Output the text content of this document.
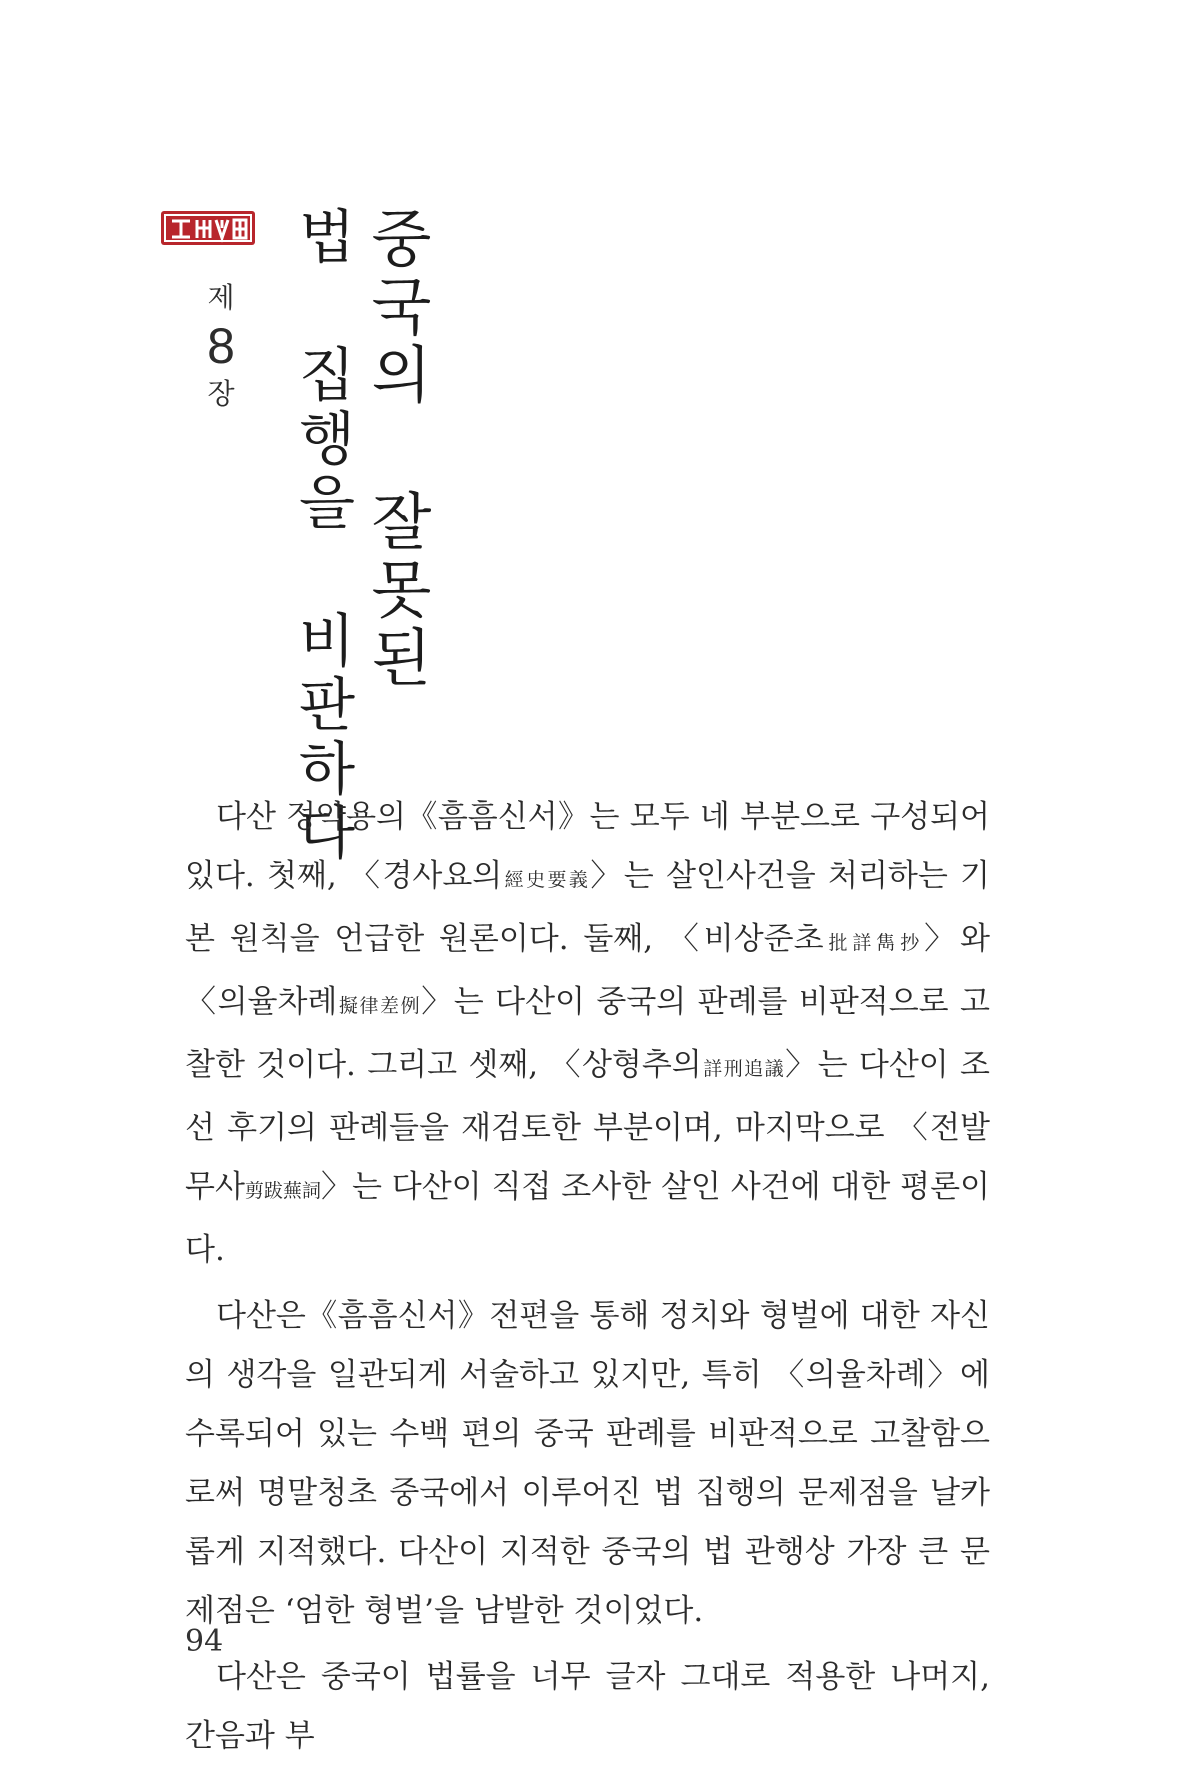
제
8
장 중국의 잘못된
법 집행을 비판하다

다산 정약용의《흠흠신서》는 모두 네 부분으로 구성되어 있다. 첫째, 〈경사요의經史要義〉는 살인사건을 처리하는 기본 원칙을 언급한 원론이다. 둘째, 〈비상준초批詳雋抄〉와 〈의율차례擬律差例〉는 다산이 중국의 판례를 비판적으로 고찰한 것이다. 그리고 셋째, 〈상형추의詳刑追議〉는 다산이 조선 후기의 판례들을 재검토한 부분이며, 마지막으로 〈전발무사剪跋蕪詞〉는 다산이 직접 조사한 살인 사건에 대한 평론이다.

다산은《흠흠신서》전편을 통해 정치와 형벌에 대한 자신의 생각을 일관되게 서술하고 있지만, 특히 〈의율차례〉에 수록되어 있는 수백 편의 중국 판례를 비판적으로 고찰함으로써 명말청초 중국에서 이루어진 법 집행의 문제점을 날카롭게 지적했다. 다산이 지적한 중국의 법 관행상 가장 큰 문제점은 ‘엄한 형벌’을 남발한 것이었다.

다산은 중국이 법률을 너무 글자 그대로 적용한 나머지, 간음과 부

94
